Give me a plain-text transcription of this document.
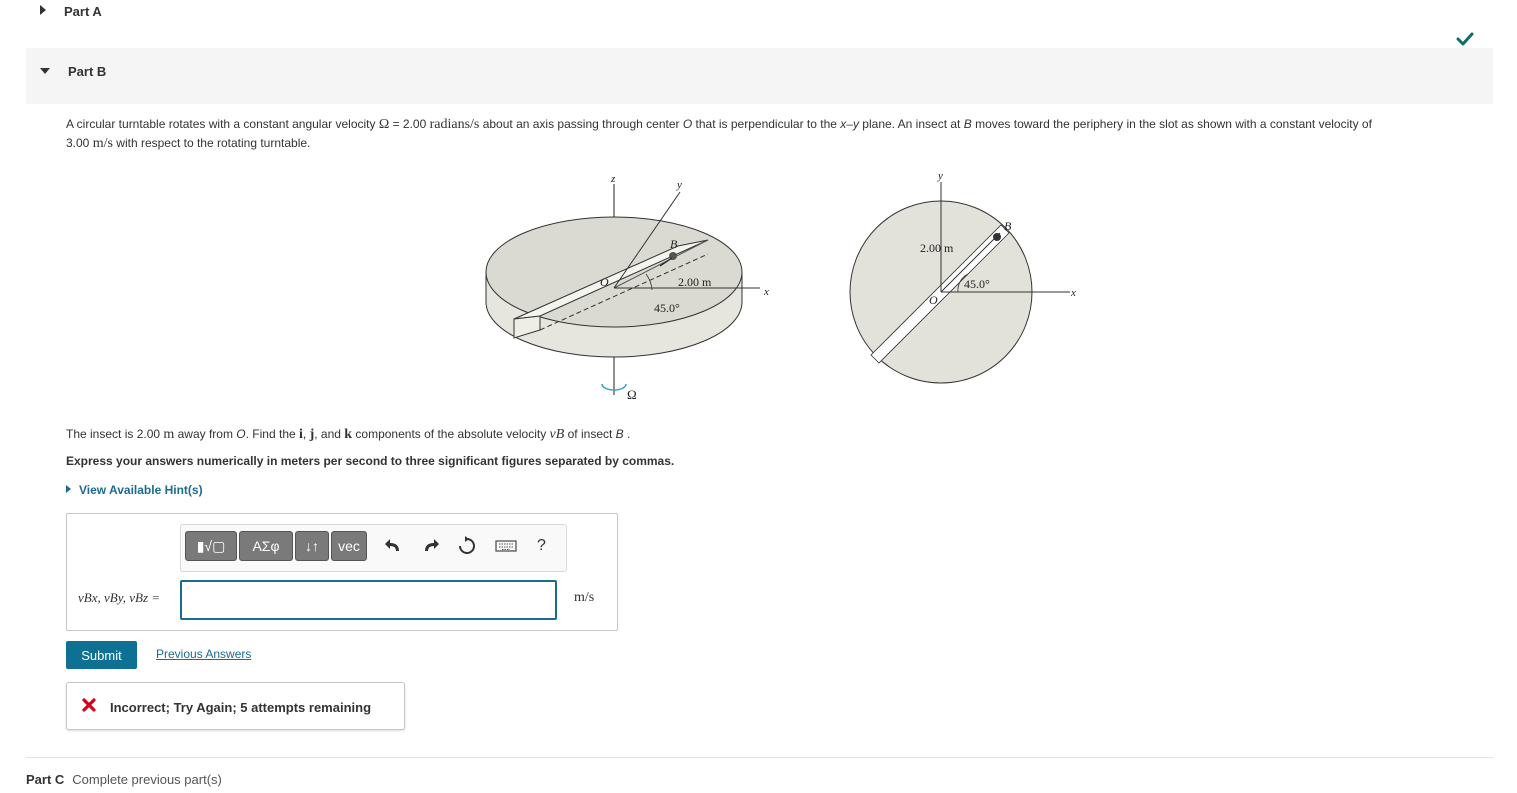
Part A
Part B
A circular turntable rotates with a constant angular velocity Ω = 2.00 radians/s about an axis passing through center O that is perpendicular to the x–y plane. An insect at B moves toward the periphery in the slot as shown with a constant velocity of
3.00 m/s with respect to the rotating turntable.
z	y
x
O
B
2.00 m
45.0°
Ω
y
x
O
B
2.00 m
45.0°
The insect is 2.00 m away from O. Find the i, j, and k components of the absolute velocity vB of insect B .
Express your answers numerically in meters per second to three significant figures separated by commas.
View Available Hint(s)
▮√▢	ΑΣφ	↓↑	vec	?
vBx, vBy, vBz =	m/s
Submit	Previous Answers
Incorrect; Try Again; 5 attempts remaining
Part C Complete previous part(s)
